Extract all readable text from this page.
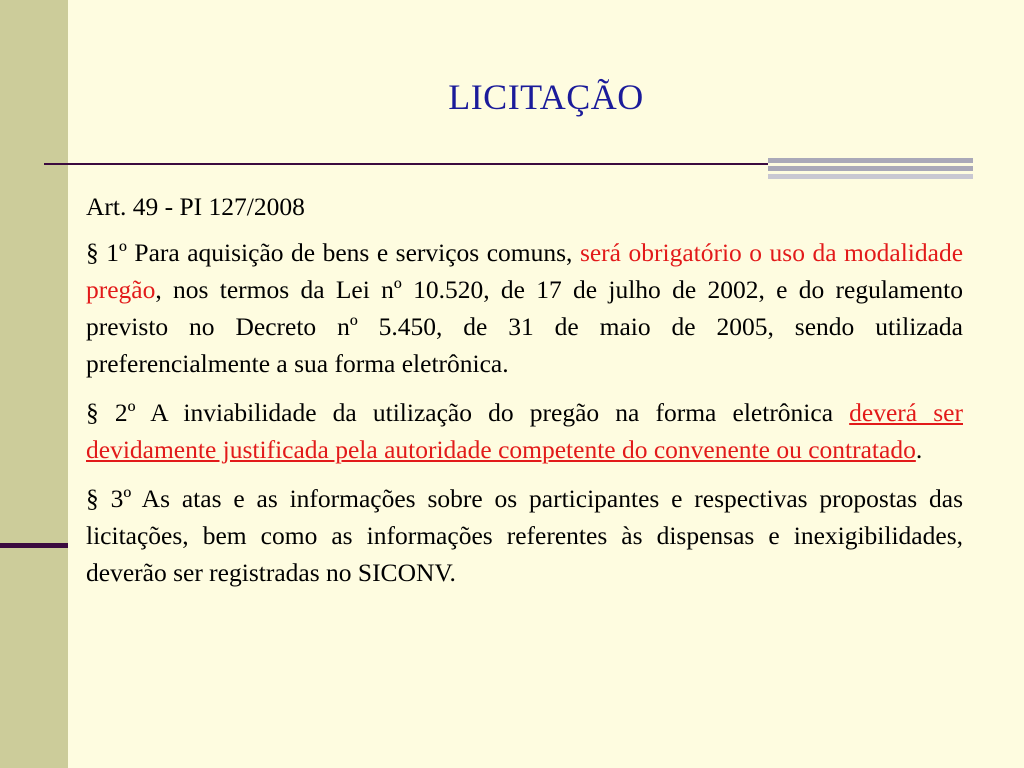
LICITAÇÃO

Art. 49 - PI 127/2008

§ 1º Para aquisição de bens e serviços comuns, será obrigatório o uso da modalidade pregão, nos termos da Lei nº 10.520, de 17 de julho de 2002, e do regulamento previsto no Decreto nº 5.450, de 31 de maio de 2005, sendo utilizada preferencialmente a sua forma eletrônica.

§ 2º A inviabilidade da utilização do pregão na forma eletrônica deverá ser devidamente justificada pela autoridade competente do convenente ou contratado.

§ 3º As atas e as informações sobre os participantes e respectivas propostas das licitações, bem como as informações referentes às dispensas e inexigibilidades, deverão ser registradas no SICONV.
